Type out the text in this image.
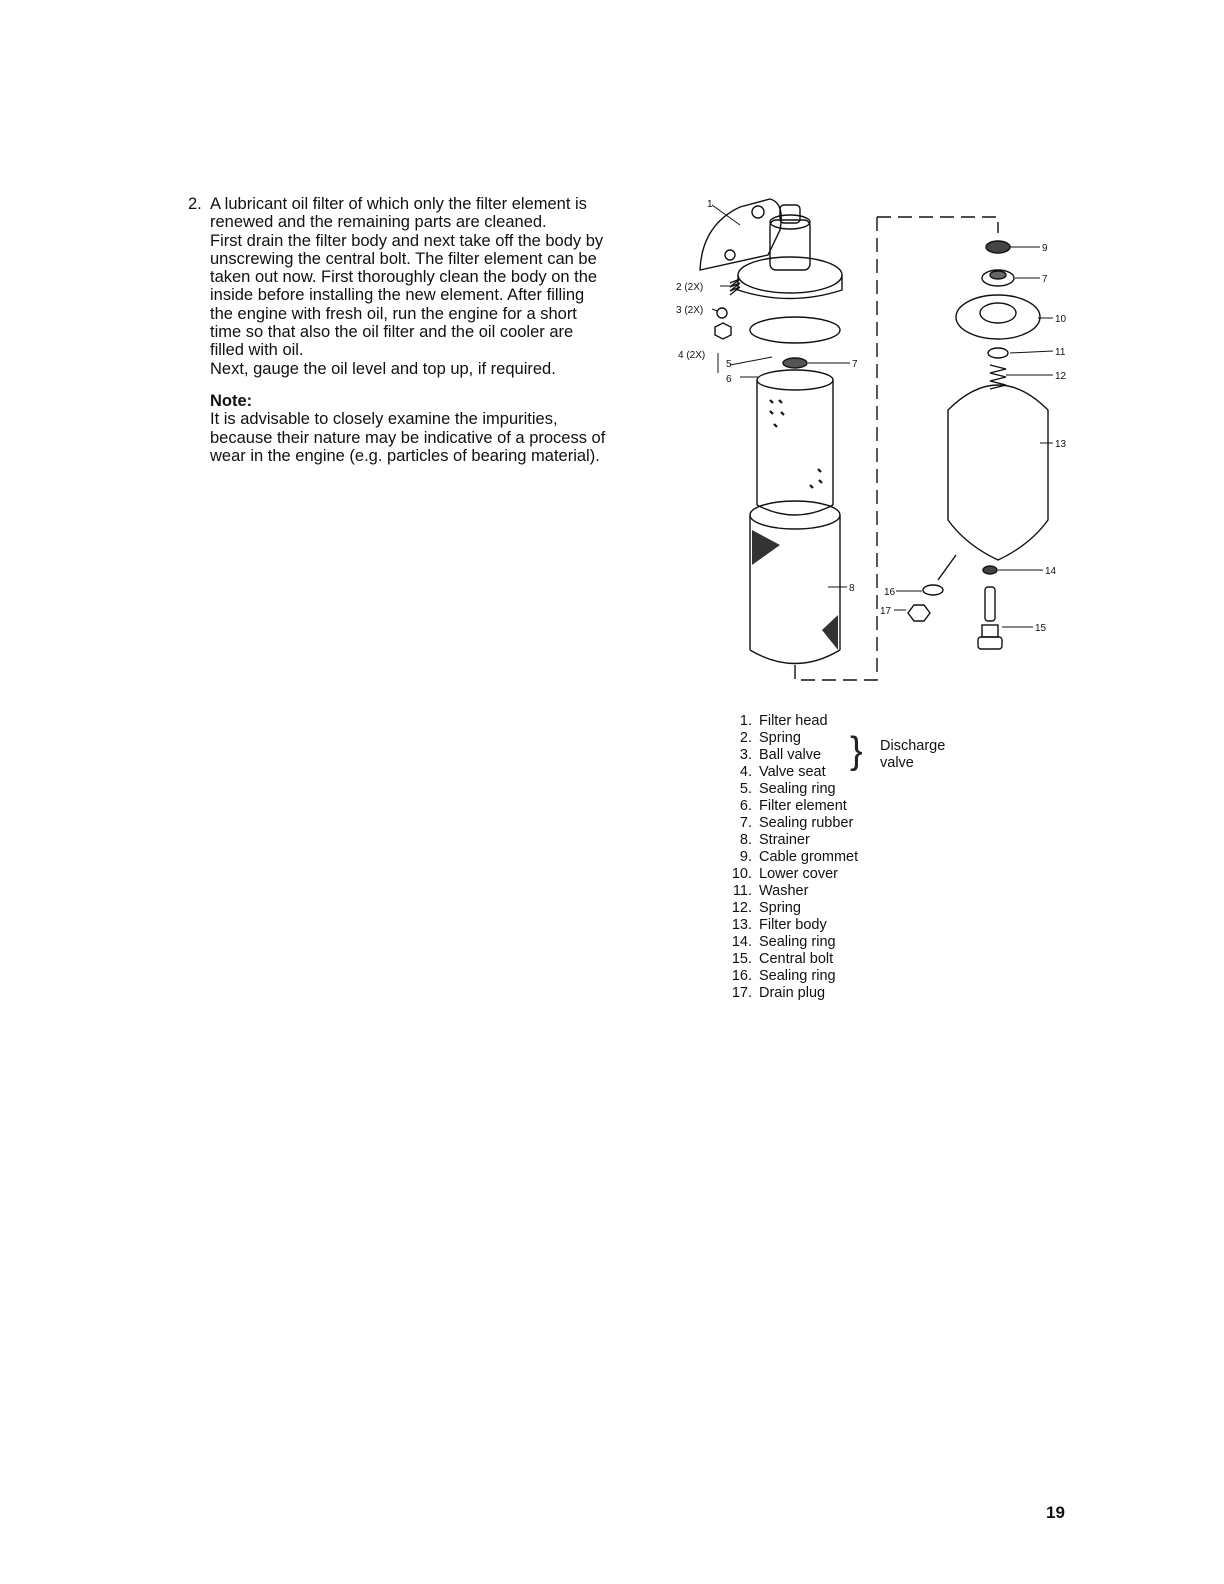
2. A lubricant oil filter of which only the filter element is renewed and the remaining parts are cleaned.

First drain the filter body and next take off the body by unscrewing the central bolt. The filter element can be taken out now. First thoroughly clean the body on the inside before installing the new element. After filling the engine with fresh oil, run the engine for a short time so that also the oil filter and the oil cooler are filled with oil.

Next, gauge the oil level and top up, if required.

Note:

It is advisable to closely examine the impurities, because their nature may be indicative of a process of wear in the engine (e.g. particles of bearing material).

1
2 (2X)
3 (2X)
4 (2X)
5
6
7
8
9
7
10
11
12
13
14
15
16
17
1. Filter head
2. Spring
3. Ball valve
4. Valve seat
5. Sealing ring
6. Filter element
7. Sealing rubber
8. Strainer
9. Cable grommet
10. Lower cover
11. Washer
12. Spring
13. Filter body
14. Sealing ring
15. Central bolt
16. Sealing ring
17. Drain plug
} Discharge
valve
19
